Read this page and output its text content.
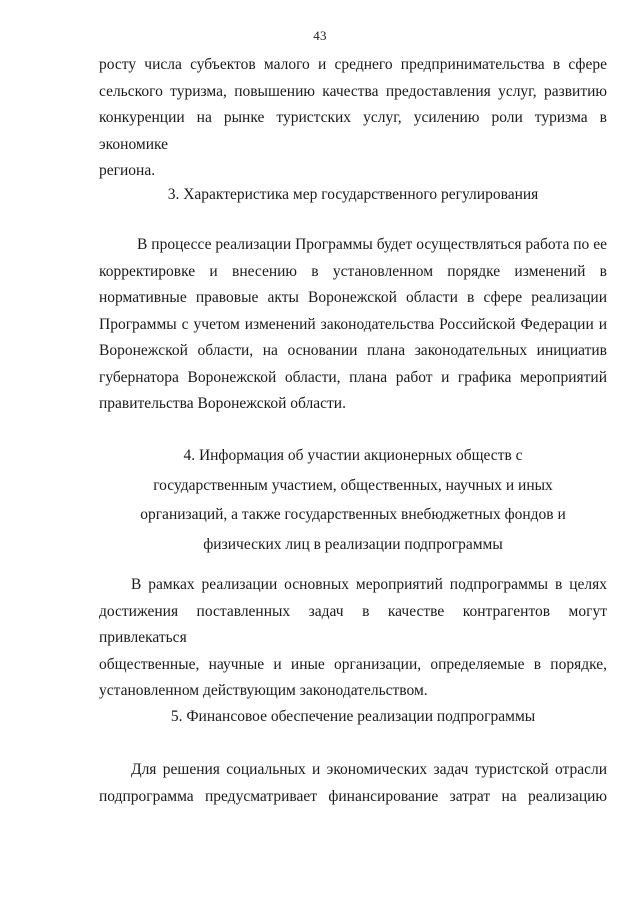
43
росту числа субъектов малого и среднего предпринимательства в сфере
сельского туризма, повышению качества предоставления услуг, развитию
конкуренции на рынке туристских услуг, усилению роли туризма в экономике
региона.
3. Характеристика мер государственного регулирования
В процессе реализации Программы будет осуществляться работа по ее
корректировке и внесению в установленном порядке изменений в
нормативные правовые акты Воронежской области в сфере реализации
Программы с учетом изменений законодательства Российской Федерации и
Воронежской области, на основании плана законодательных инициатив
губернатора Воронежской области, плана работ и графика мероприятий
правительства Воронежской области.
4. Информация об участии акционерных обществ с
государственным участием, общественных, научных и иных
организаций, а также государственных внебюджетных фондов и
физических лиц в реализации подпрограммы
В рамках реализации основных мероприятий подпрограммы в целях
достижения поставленных задач в качестве контрагентов могут привлекаться
общественные, научные и иные организации, определяемые в порядке,
установленном действующим законодательством.
5. Финансовое обеспечение реализации подпрограммы
Для решения социальных и экономических задач туристской отрасли
подпрограмма предусматривает финансирование затрат на реализацию
